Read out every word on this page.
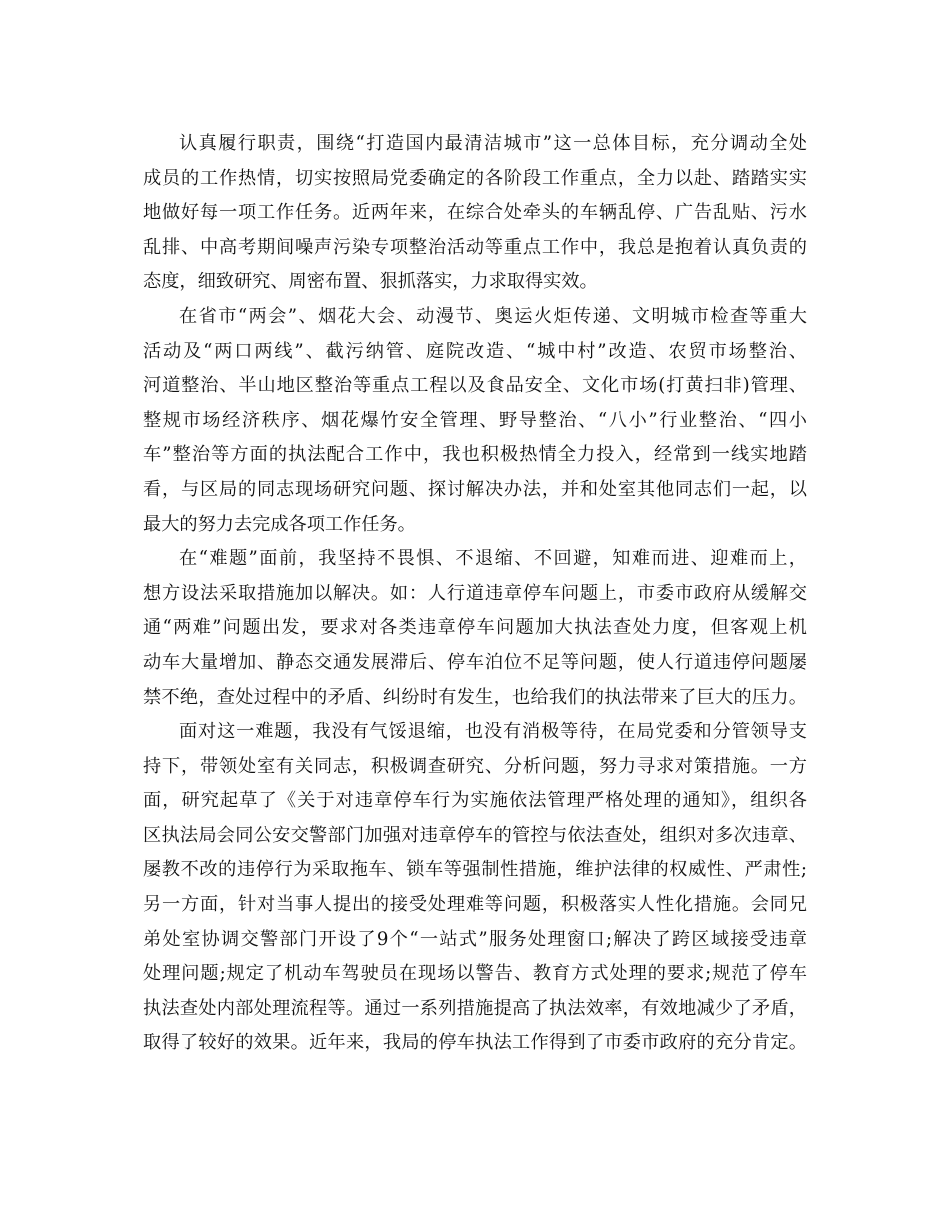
认真履行职责，围绕“打造国内最清洁城市”这一总体目标，充分调动全处
成员的工作热情，切实按照局党委确定的各阶段工作重点，全力以赴、踏踏实实
地做好每一项工作任务。近两年来，在综合处牵头的车辆乱停、广告乱贴、污水
乱排、中高考期间噪声污染专项整治活动等重点工作中，我总是抱着认真负责的
态度，细致研究、周密布置、狠抓落实，力求取得实效。
在省市“两会”、烟花大会、动漫节、奥运火炬传递、文明城市检查等重大
活动及“两口两线”、截污纳管、庭院改造、“城中村”改造、农贸市场整治、
河道整治、半山地区整治等重点工程以及食品安全、文化市场(打黄扫非)管理、
整规市场经济秩序、烟花爆竹安全管理、野导整治、“八小”行业整治、“四小
车”整治等方面的执法配合工作中，我也积极热情全力投入，经常到一线实地踏
看，与区局的同志现场研究问题、探讨解决办法，并和处室其他同志们一起，以
最大的努力去完成各项工作任务。
在“难题”面前，我坚持不畏惧、不退缩、不回避，知难而进、迎难而上，
想方设法采取措施加以解决。如：人行道违章停车问题上，市委市政府从缓解交
通“两难”问题出发，要求对各类违章停车问题加大执法查处力度，但客观上机
动车大量增加、静态交通发展滞后、停车泊位不足等问题，使人行道违停问题屡
禁不绝，查处过程中的矛盾、纠纷时有发生，也给我们的执法带来了巨大的压力。
面对这一难题，我没有气馁退缩，也没有消极等待，在局党委和分管领导支
持下，带领处室有关同志，积极调查研究、分析问题，努力寻求对策措施。一方
面，研究起草了《关于对违章停车行为实施依法管理严格处理的通知》，组织各
区执法局会同公安交警部门加强对违章停车的管控与依法查处，组织对多次违章、
屡教不改的违停行为采取拖车、锁车等强制性措施，维护法律的权威性、严肃性;
另一方面，针对当事人提出的接受处理难等问题，积极落实人性化措施。会同兄
弟处室协调交警部门开设了9个“一站式”服务处理窗口;解决了跨区域接受违章
处理问题;规定了机动车驾驶员在现场以警告、教育方式处理的要求;规范了停车
执法查处内部处理流程等。通过一系列措施提高了执法效率，有效地减少了矛盾，
取得了较好的效果。近年来，我局的停车执法工作得到了市委市政府的充分肯定。
